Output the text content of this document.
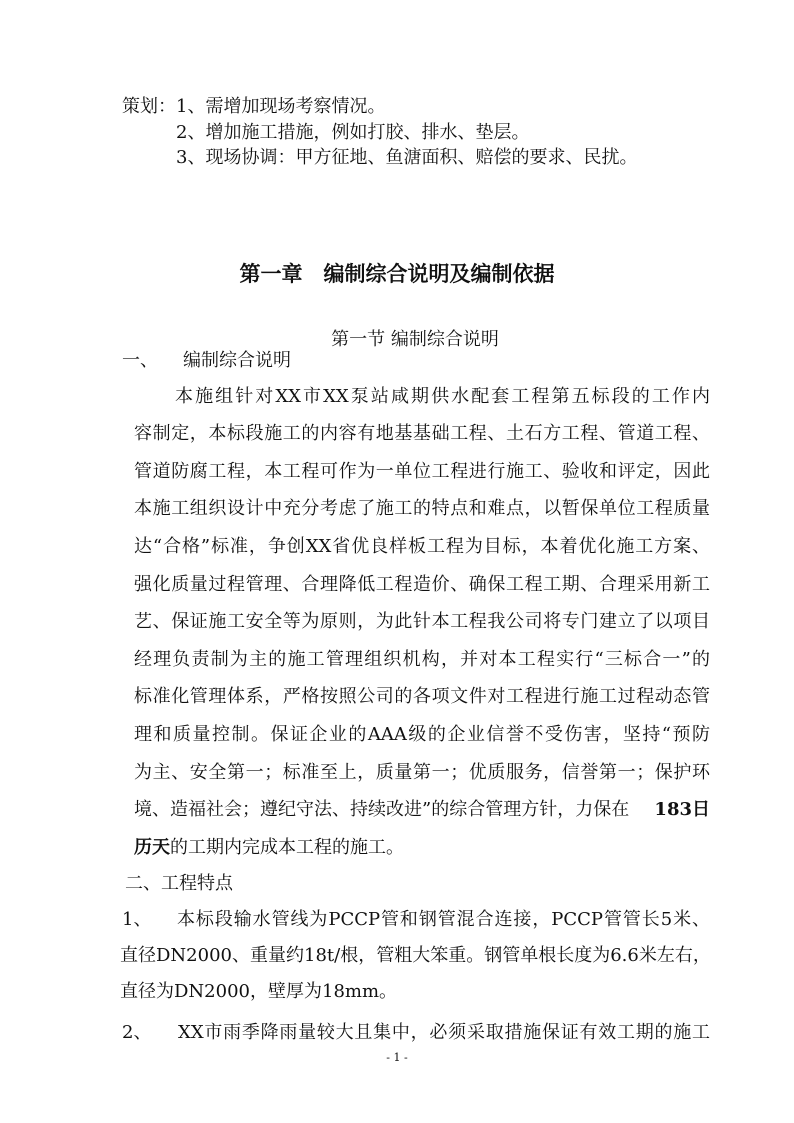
策划： 1、需增加现场考察情况。
2、增加施工措施，例如打胶、排水、垫层。
3、现场协调：甲方征地、鱼溏面积、赔偿的要求、民扰。
第一章　编制综合说明及编制依据
第一节 编制综合说明
一、 编制综合说明
本施组针对XX市XX泵站咸期供水配套工程第五标段的工作内
容制定，本标段施工的内容有地基基础工程、土石方工程、管道工程、
管道防腐工程，本工程可作为一单位工程进行施工、验收和评定，因此
本施工组织设计中充分考虑了施工的特点和难点，以暂保单位工程质量
达“合格”标准，争创XX省优良样板工程为目标，本着优化施工方案、
强化质量过程管理、合理降低工程造价、确保工程工期、合理采用新工
艺、保证施工安全等为原则，为此针本工程我公司将专门建立了以项目
经理负责制为主的施工管理组织机构，并对本工程实行“三标合一”的
标准化管理体系，严格按照公司的各项文件对工程进行施工过程动态管
理和质量控制。保证企业的AAA级的企业信誉不受伤害，坚持“预防
为主、安全第一；标准至上，质量第一；优质服务，信誉第一；保护环
境、造福社会；遵纪守法、持续改进”的综合管理方针，力保在 183日
历天的工期内完成本工程的施工。
二、工程特点
1、 本标段输水管线为PCCP管和钢管混合连接，PCCP管管长5米、
直径DN2000、重量约18t/根，管粗大笨重。钢管单根长度为6.6米左右，
直径为DN2000，壁厚为18mm。
2、 XX市雨季降雨量较大且集中，必须采取措施保证有效工期的施工
- 1 -
